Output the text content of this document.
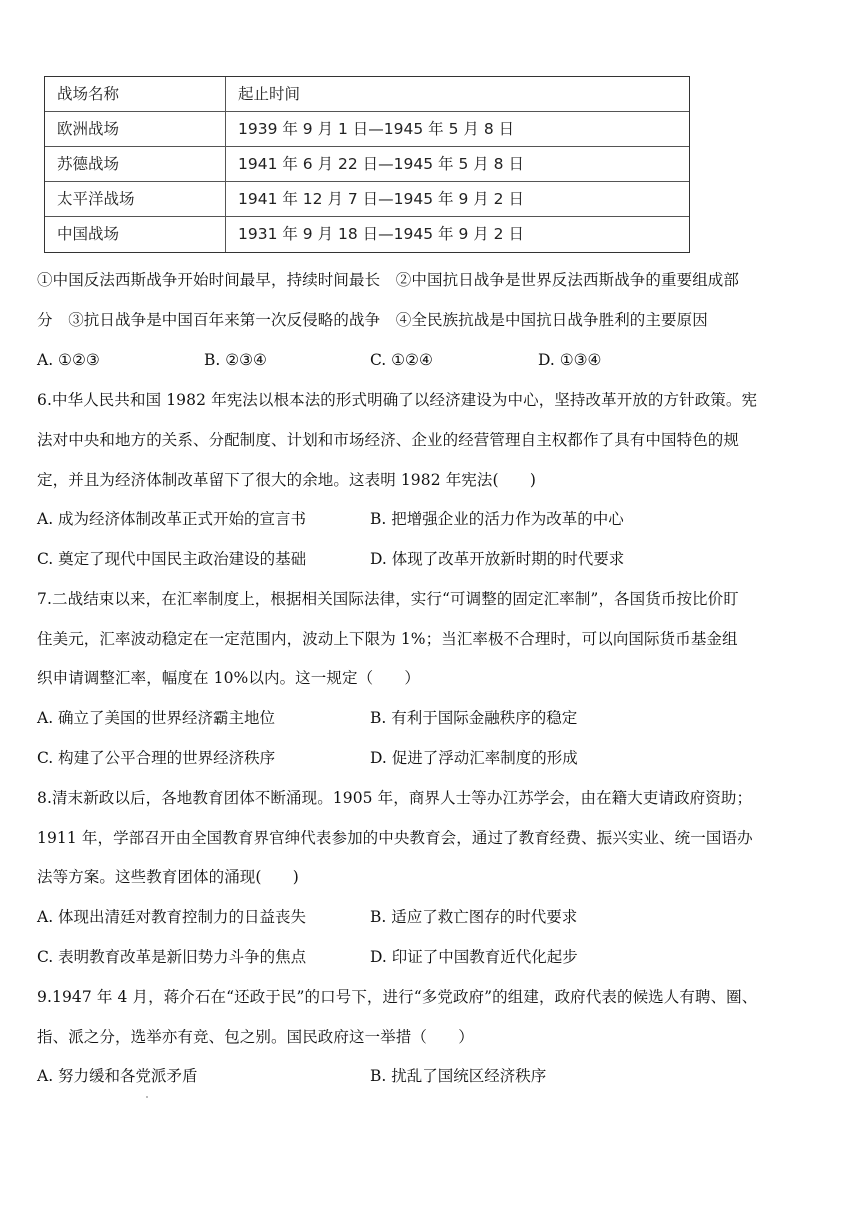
战场名称	起止时间
欧洲战场	1939 年 9 月 1 日—1945 年 5 月 8 日
苏德战场	1941 年 6 月 22 日—1945 年 5 月 8 日
太平洋战场	1941 年 12 月 7 日—1945 年 9 月 2 日
中国战场	1931 年 9 月 18 日—1945 年 9 月 2 日
①中国反法西斯战争开始时间最早，持续时间最长　②中国抗日战争是世界反法西斯战争的重要组成部
分　③抗日战争是中国百年来第一次反侵略的战争　④全民族抗战是中国抗日战争胜利的主要原因
A. ①②③	B. ②③④	C. ①②④	D. ①③④
6.中华人民共和国 1982 年宪法以根本法的形式明确了以经济建设为中心，坚持改革开放的方针政策。宪
法对中央和地方的关系、分配制度、计划和市场经济、企业的经营管理自主权都作了具有中国特色的规
定，并且为经济体制改革留下了很大的余地。这表明 1982 年宪法(　　)
A. 成为经济体制改革正式开始的宣言书	B. 把增强企业的活力作为改革的中心
C. 奠定了现代中国民主政治建设的基础	D. 体现了改革开放新时期的时代要求
7.二战结束以来，在汇率制度上，根据相关国际法律，实行“可调整的固定汇率制”，各国货币按比价盯
住美元，汇率波动稳定在一定范围内，波动上下限为 1%；当汇率极不合理时，可以向国际货币基金组
织申请调整汇率，幅度在 10%以内。这一规定（　　）
A. 确立了美国的世界经济霸主地位	B. 有利于国际金融秩序的稳定
C. 构建了公平合理的世界经济秩序	D. 促进了浮动汇率制度的形成
8.清末新政以后，各地教育团体不断涌现。1905 年，商界人士等办江苏学会，由在籍大吏请政府资助；
1911 年，学部召开由全国教育界官绅代表参加的中央教育会，通过了教育经费、振兴实业、统一国语办
法等方案。这些教育团体的涌现(　　)
A. 体现出清廷对教育控制力的日益丧失	B. 适应了救亡图存的时代要求
C. 表明教育改革是新旧势力斗争的焦点	D. 印证了中国教育近代化起步
9.1947 年 4 月，蒋介石在“还政于民”的口号下，进行“多党政府”的组建，政府代表的候选人有聘、圈、
指、派之分，选举亦有竞、包之别。国民政府这一举措（　　）
A. 努力缓和各党派矛盾	B. 扰乱了国统区经济秩序
